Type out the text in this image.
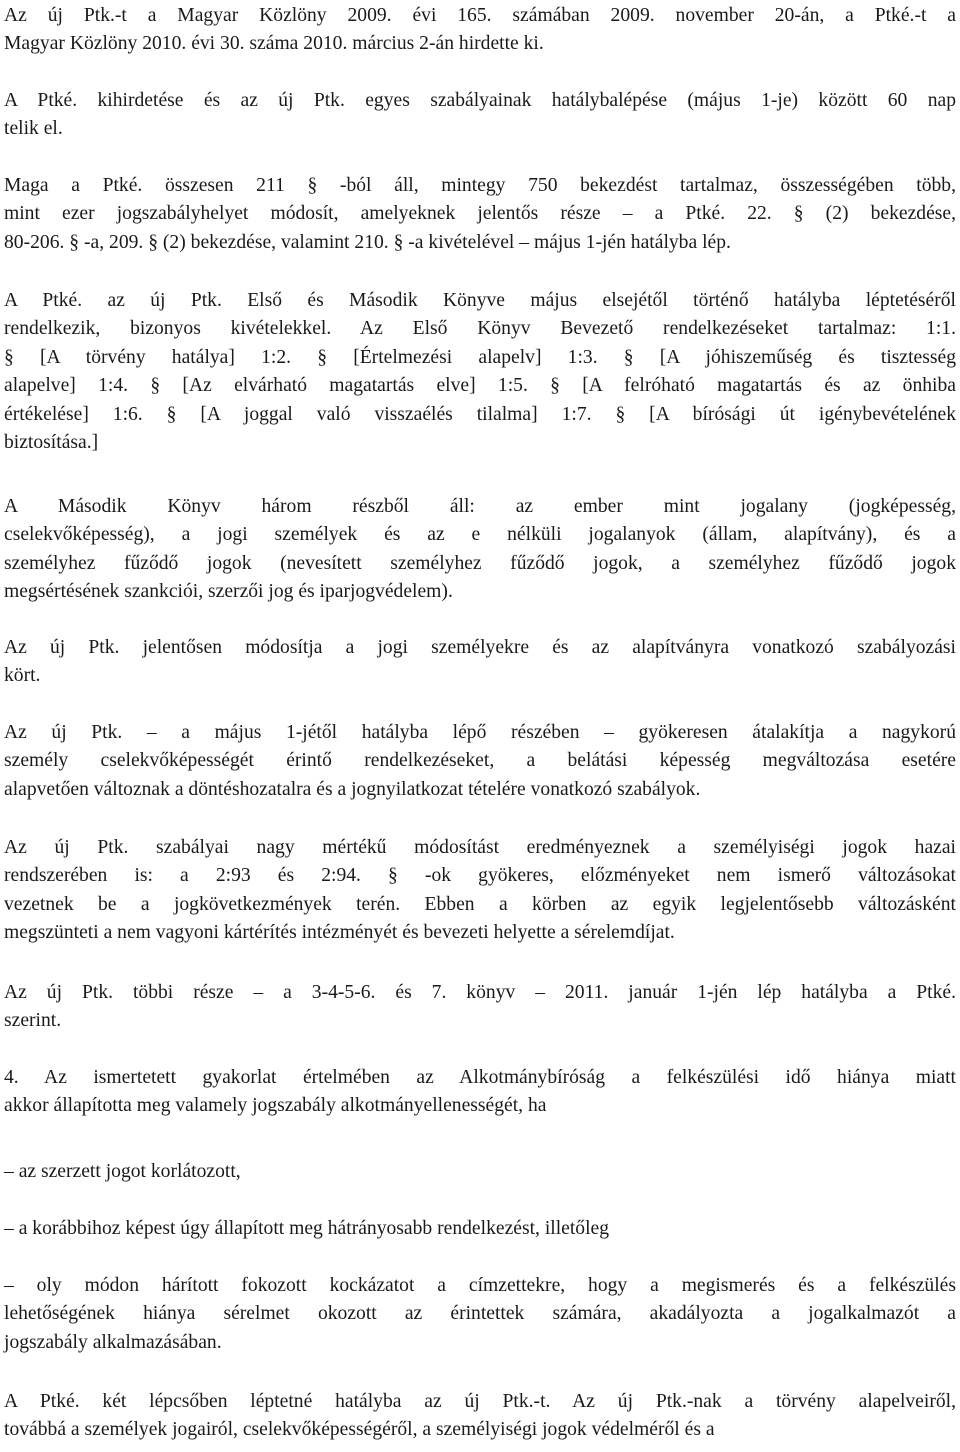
Az új Ptk.-t a Magyar Közlöny 2009. évi 165. számában 2009. november 20-án, a Ptké.-t a
Magyar Közlöny 2010. évi 30. száma 2010. március 2-án hirdette ki.
A Ptké. kihirdetése és az új Ptk. egyes szabályainak hatálybalépése (május 1-je) között 60 nap
telik el.
Maga a Ptké. összesen 211 § -ból áll, mintegy 750 bekezdést tartalmaz, összességében több,
mint ezer jogszabályhelyet módosít, amelyeknek jelentős része – a Ptké. 22. § (2) bekezdése,
80-206. § -a, 209. § (2) bekezdése, valamint 210. § -a kivételével – május 1-jén hatályba lép.
A Ptké. az új Ptk. Első és Második Könyve május elsejétől történő hatályba léptetéséről
rendelkezik, bizonyos kivételekkel. Az Első Könyv Bevezető rendelkezéseket tartalmaz: 1:1.
§ [A törvény hatálya] 1:2. § [Értelmezési alapelv] 1:3. § [A jóhiszeműség és tisztesség
alapelve] 1:4. § [Az elvárható magatartás elve] 1:5. § [A felróható magatartás és az önhiba
értékelése] 1:6. § [A joggal való visszaélés tilalma] 1:7. § [A bírósági út igénybevételének
biztosítása.]
A Második Könyv három részből áll: az ember mint jogalany (jogképesség,
cselekvőképesség), a jogi személyek és az e nélküli jogalanyok (állam, alapítvány), és a
személyhez fűződő jogok (nevesített személyhez fűződő jogok, a személyhez fűződő jogok
megsértésének szankciói, szerzői jog és iparjogvédelem).
Az új Ptk. jelentősen módosítja a jogi személyekre és az alapítványra vonatkozó szabályozási
kört.
Az új Ptk. – a május 1-jétől hatályba lépő részében – gyökeresen átalakítja a nagykorú
személy cselekvőképességét érintő rendelkezéseket, a belátási képesség megváltozása esetére
alapvetően változnak a döntéshozatalra és a jognyilatkozat tételére vonatkozó szabályok.
Az új Ptk. szabályai nagy mértékű módosítást eredményeznek a személyiségi jogok hazai
rendszerében is: a 2:93 és 2:94. § -ok gyökeres, előzményeket nem ismerő változásokat
vezetnek be a jogkövetkezmények terén. Ebben a körben az egyik legjelentősebb változásként
megszünteti a nem vagyoni kártérítés intézményét és bevezeti helyette a sérelemdíjat.
Az új Ptk. többi része – a 3-4-5-6. és 7. könyv – 2011. január 1-jén lép hatályba a Ptké.
szerint.
4. Az ismertetett gyakorlat értelmében az Alkotmánybíróság a felkészülési idő hiánya miatt
akkor állapította meg valamely jogszabály alkotmányellenességét, ha
– az szerzett jogot korlátozott,
– a korábbihoz képest úgy állapított meg hátrányosabb rendelkezést, illetőleg
– oly módon hárított fokozott kockázatot a címzettekre, hogy a megismerés és a felkészülés
lehetőségének hiánya sérelmet okozott az érintettek számára, akadályozta a jogalkalmazót a
jogszabály alkalmazásában.
A Ptké. két lépcsőben léptetné hatályba az új Ptk.-t. Az új Ptk.-nak a törvény alapelveiről,
továbbá a személyek jogairól, cselekvőképességéről, a személyiségi jogok védelméről és a
